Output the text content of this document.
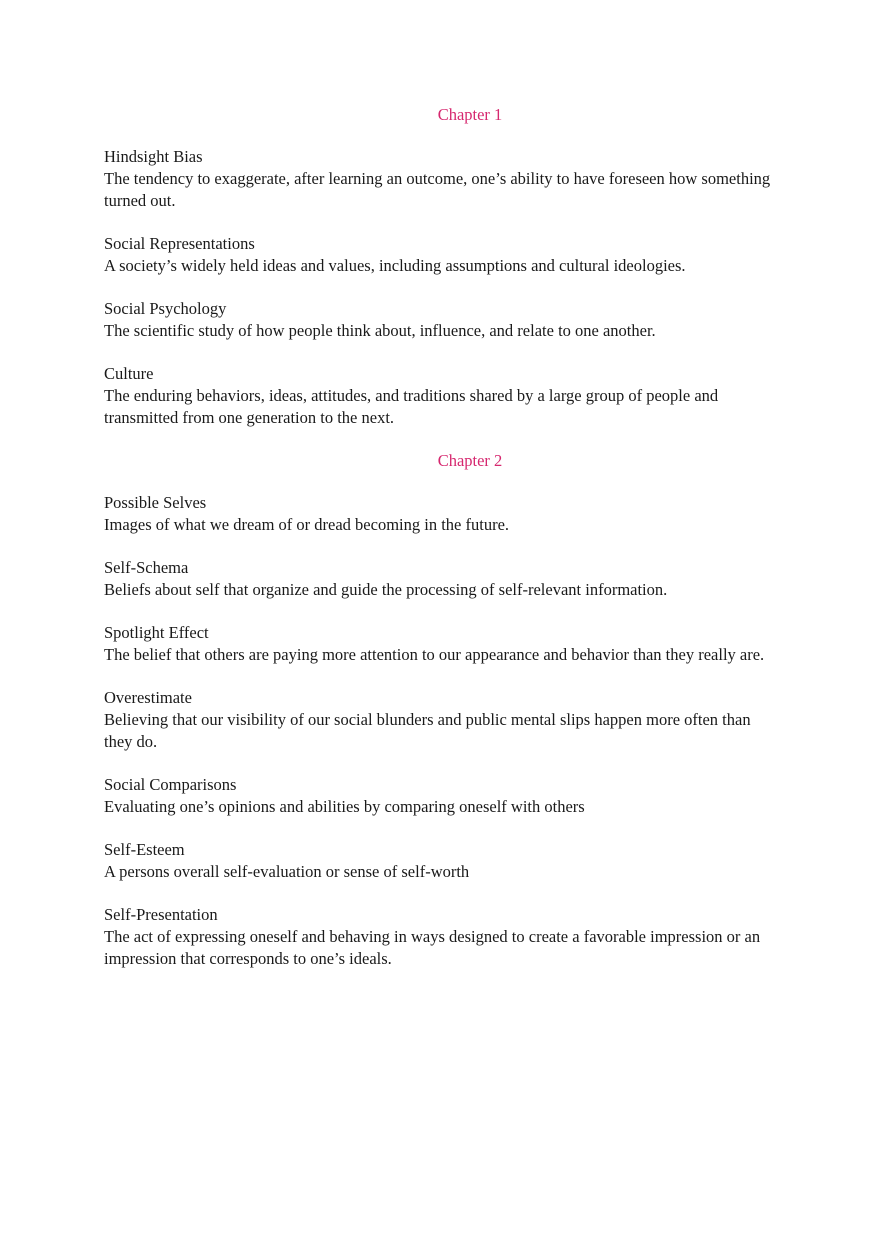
Chapter 1
Hindsight Bias
The tendency to exaggerate, after learning an outcome, one’s ability to have foreseen how something turned out.
Social Representations
A society’s widely held ideas and values, including assumptions and cultural ideologies.
Social Psychology
The scientific study of how people think about, influence, and relate to one another.
Culture
The enduring behaviors, ideas, attitudes, and traditions shared by a large group of people and transmitted from one generation to the next.
Chapter 2
Possible Selves
Images of what we dream of or dread becoming in the future.
Self-Schema
Beliefs about self that organize and guide the processing of self-relevant information.
Spotlight Effect
The belief that others are paying more attention to our appearance and behavior than they really are.
Overestimate
Believing that our visibility of our social blunders and public mental slips happen more often than they do.
Social Comparisons
Evaluating one’s opinions and abilities by comparing oneself with others
Self-Esteem
A persons overall self-evaluation or sense of self-worth
Self-Presentation
The act of expressing oneself and behaving in ways designed to create a favorable impression or an impression that corresponds to one’s ideals.
